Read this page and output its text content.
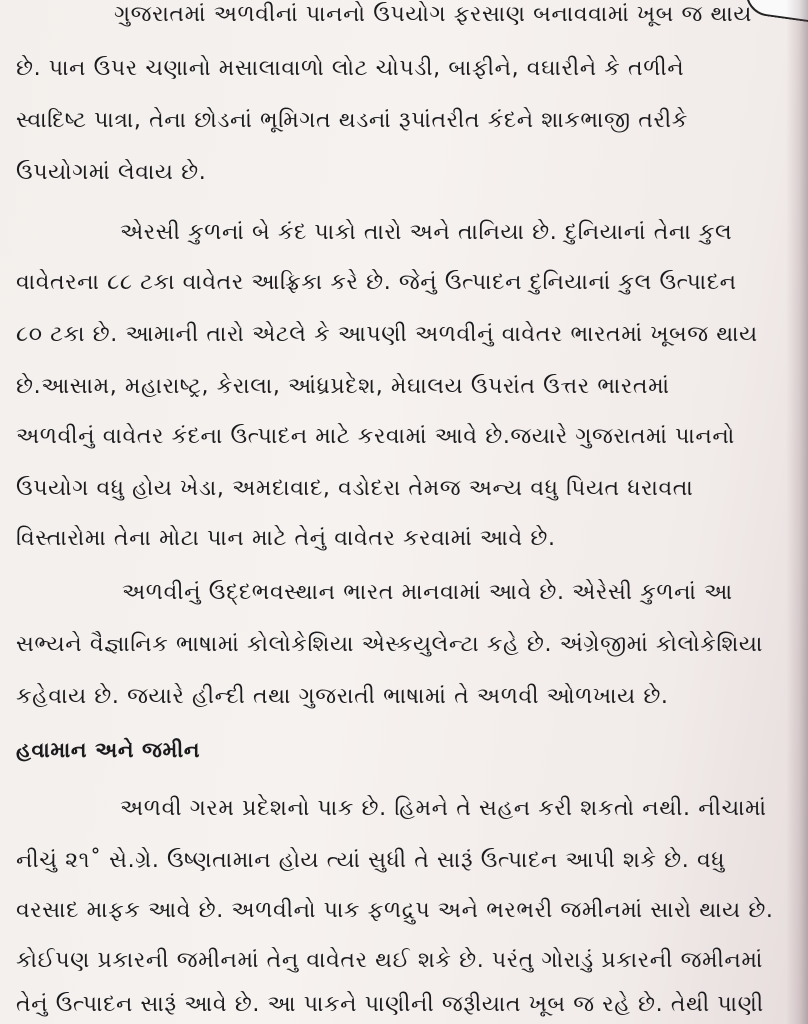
ગુજરાતમાં અળવીનાં પાનનો ઉપયોગ ફરસાણ બનાવવામાં ખૂબ જ થાય
છે. પાન ઉપર ચણાનો મસાલાવાળો લોટ ચોપડી, બાફીને, વઘારીને કે તળીને
સ્વાદિષ્ટ પાત્રા, તેના છોડનાં ભૂમિગત થડનાં રૂપાંતરીત કંદને શાકભાજી તરીકે
ઉપયોગમાં લેવાય છે.
એરસી કુળનાં બે કંદ પાકો તારો અને તાનિયા છે. દુનિયાનાં તેના કુલ
વાવેતરના ૮૮ ટકા વાવેતર આફ્રિકા કરે છે. જેનું ઉત્પાદન દુનિયાનાં કુલ ઉત્પાદન
૮૦ ટકા છે. આમાની તારો એટલે કે આપણી અળવીનું વાવેતર ભારતમાં ખૂબજ થાય
છે.આસામ, મહારાષ્ટ્ર, કેરાલા, આંધ્રપ્રદેશ, મેઘાલય ઉપરાંત ઉત્તર ભારતમાં
અળવીનું વાવેતર કંદના ઉત્પાદન માટે કરવામાં આવે છે.જયારે ગુજરાતમાં પાનનો
ઉપયોગ વધુ હોય ખેડા, અમદાવાદ, વડોદરા તેમજ અન્ય વધુ પિયત ધરાવતા
વિસ્તારોમા તેના મોટા પાન માટે તેનું વાવેતર કરવામાં આવે છે.
અળવીનું ઉદ્દભવસ્થાન ભારત માનવામાં આવે છે. એરેસી કુળનાં આ
સભ્યને વૈજ્ઞાનિક ભાષામાં કોલોકેશિયા એસ્કયુલેન્ટા કહે છે. અંગ્રેજીમાં કોલોકેશિયા
કહેવાય છે. જયારે હીન્દી તથા ગુજરાતી ભાષામાં તે અળવી ઓળખાય છે.
હવામાન અને જમીન
અળવી ગરમ પ્રદેશનો પાક છે. હિમને તે સહન કરી શકતો નથી. નીચામાં
નીચું ૨૧˚ સે.ગ્રે. ઉષ્ણતામાન હોય ત્યાં સુધી તે સારૂં ઉત્પાદન આપી શકે છે. વધુ
વરસાદ માફક આવે છે. અળવીનો પાક ફળદ્રુપ અને ભરભરી જમીનમાં સારો થાય છે.
કોઈપણ પ્રકારની જમીનમાં તેનુ વાવેતર થઈ શકે છે. પરંતુ ગોરાડું પ્રકારની જમીનમાં
તેનું ઉત્પાદન સારૂં આવે છે. આ પાકને પાણીની જરૂીયાત ખૂબ જ રહે છે. તેથી પાણી
